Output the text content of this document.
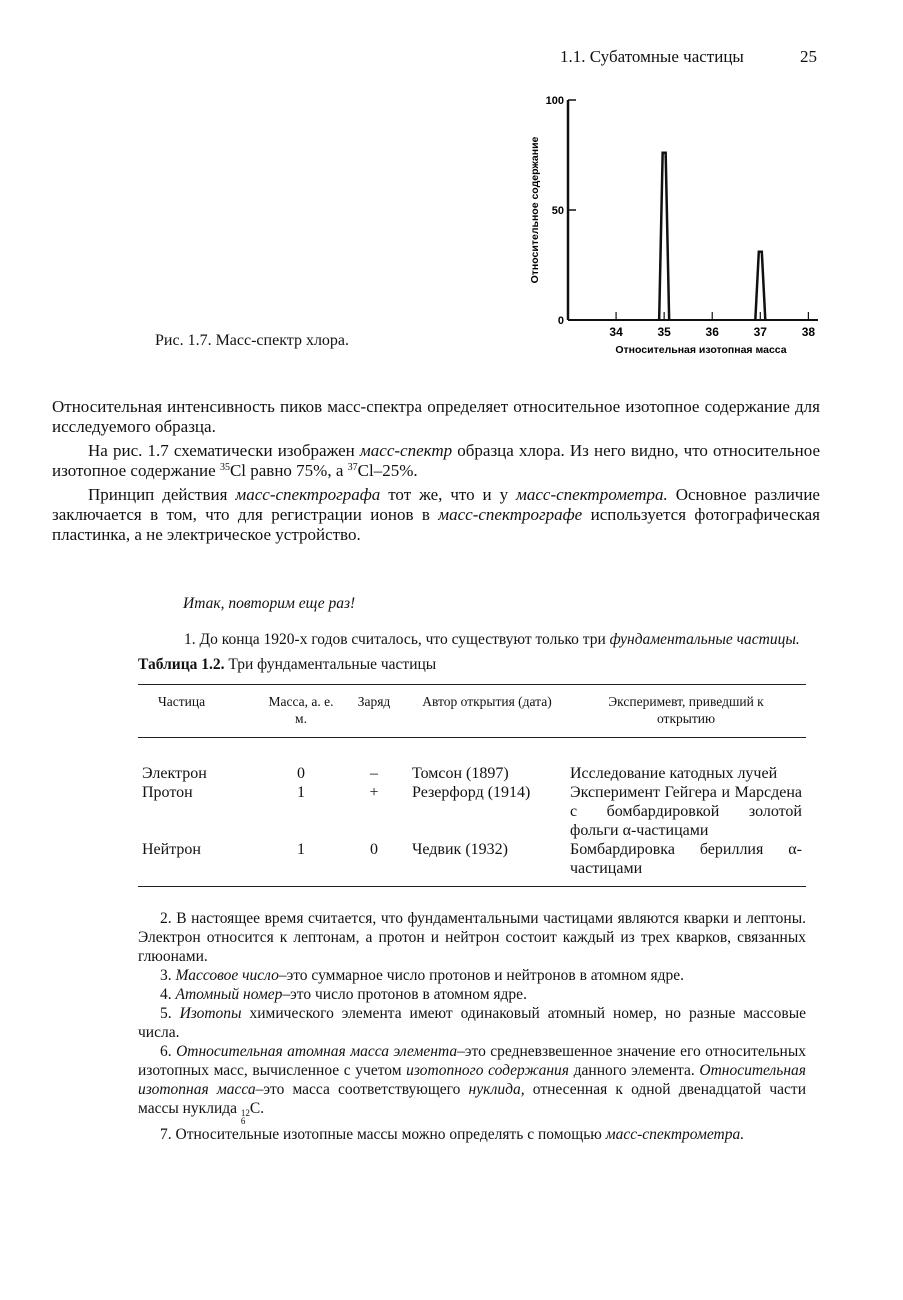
1.1. Субатомные частицы	25
0
50
100
34	35	36	37	38
Относительная изотопная масса
Относительное содержание
Рис. 1.7. Масс-спектр хлора.
Относительная интенсивность пиков масс-спектра определяет относительное изотопное содержание для исследуемого образца.
На рис. 1.7 схематически изображен масс-спектр образца хлора. Из него видно, что относительное изотопное содержание $^{35}$Cl равно 75%, а $^{37}$Cl–25%.
Принцип действия масс-спектрографа тот же, что и у масс-спектрометра. Основное различие заключается в том, что для регистрации ионов в масс-спектрографе используется фотографическая пластинка, а не электрическое устройство.
Итак, повторим еще раз!
1. До конца 1920-х годов считалось, что существуют только три фундаментальные частицы.
Таблица 1.2. Три фундаментальные частицы
Частица	Масса, а. е. м.	Заряд	Автор открытия (дата)	Эксперимевт, приведший к открытию
Электрон	0	–	Томсон (1897)	Исследование катодных лучей
Протон	1	+	Резерфорд (1914)	Эксперимент Гейгера и Марсдена с бомбардировкой золотой фольги α-частицами
Нейтрон	1	0	Чедвик (1932)	Бомбардировка бериллия α-частицами
2. В настоящее время считается, что фундаментальными частицами являются кварки и лептоны. Электрон относится к лептонам, а протон и нейтрон состоит каждый из трех кварков, связанных глюонами.
3. Массовое число–это суммарное число протонов и нейтронов в атомном ядре.
4. Атомный номер–это число протонов в атомном ядре.
5. Изотопы химического элемента имеют одинаковый атомный номер, но разные массовые числа.
6. Относительная атомная масса элемента–это средневзвешенное значение его относительных изотопных масс, вычисленное с учетом изотопного содержания данного элемента. Относительная изотопная масса–это масса соответствующего нуклида, отнесенная к одной двенадцатой части массы нуклида 12
6
C.
7. Относительные изотопные массы можно определять с помощью масс-спектрометра.
